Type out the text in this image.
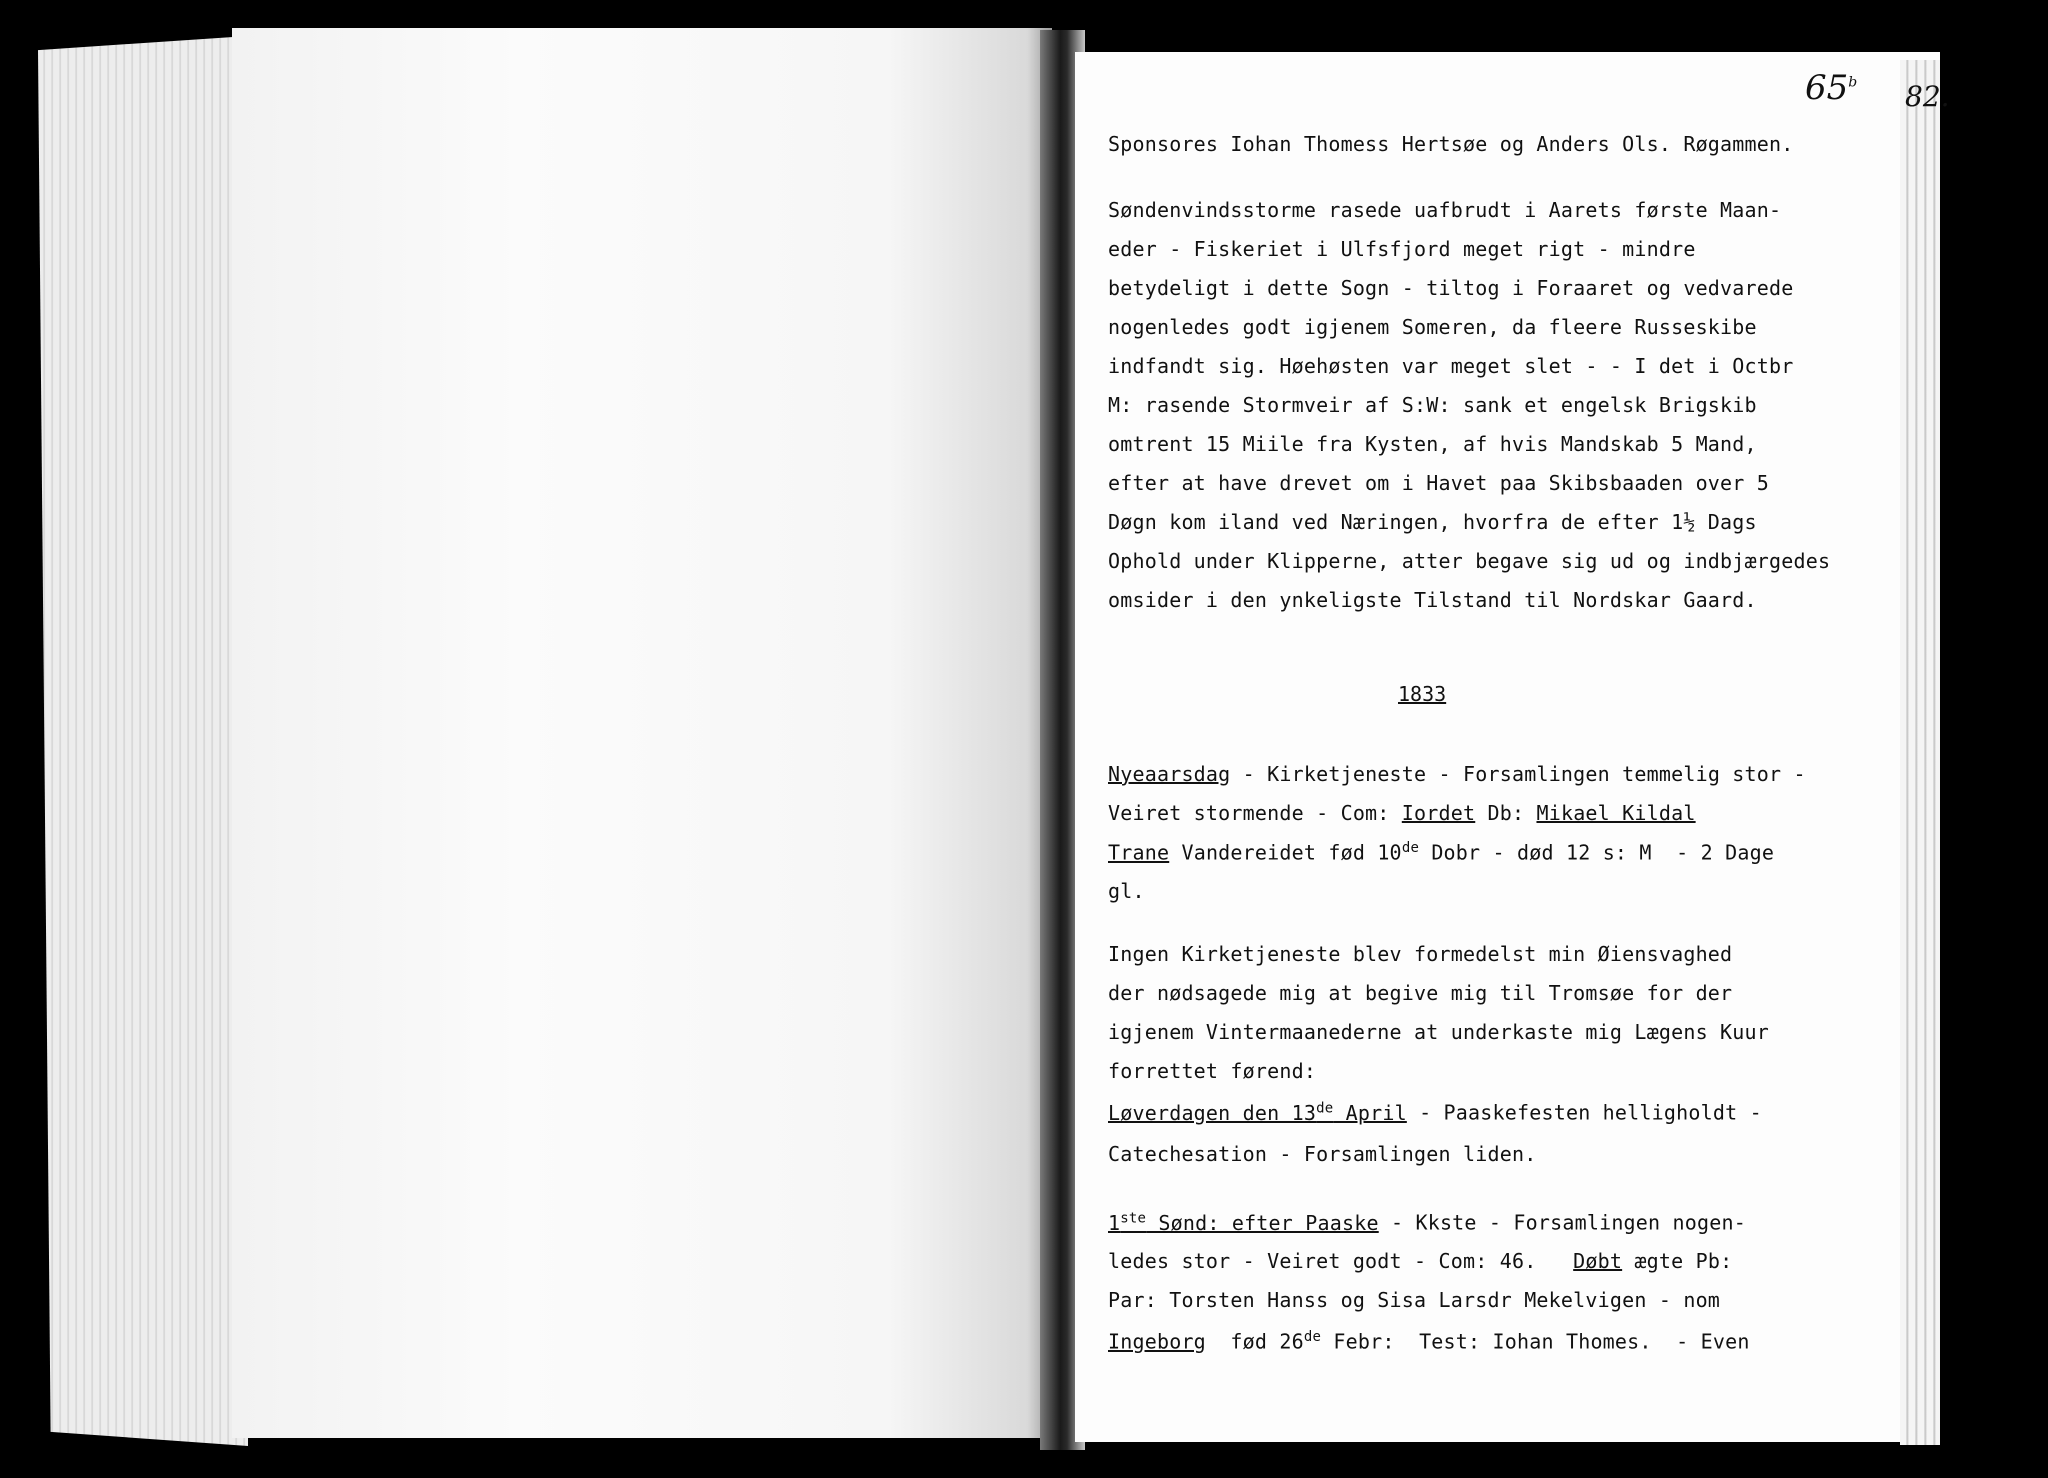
65$^b$ 82.
Sponsores Iohan Thomess Hertsøe og Anders Ols. Røgammen.
Søndenvindsstorme rasede uafbrudt i Aarets første Maan-
eder - Fiskeriet i Ulfsfjord meget rigt - mindre
betydeligt i dette Sogn - tiltog i Foraaret og vedvarede
nogenledes godt igjenem Someren, da fleere Russeskibe
indfandt sig. Høehøsten var meget slet - - I det i Octbr
M: rasende Stormveir af S:W: sank et engelsk Brigskib
omtrent 15 Miile fra Kysten, af hvis Mandskab 5 Mand,
efter at have drevet om i Havet paa Skibsbaaden over 5
Døgn kom iland ved Næringen, hvorfra de efter 1½ Dags
Ophold under Klipperne, atter begave sig ud og indbjærgedes
omsider i den ynkeligste Tilstand til Nordskar Gaard.
1833
Nyeaarsdag - Kirketjeneste - Forsamlingen temmelig stor -
Veiret stormende - Com: Iordet Db: Mikael Kildal
Trane Vandereidet fød 10de Dobr - død 12 s: M  - 2 Dage
gl.
Ingen Kirketjeneste blev formedelst min Øiensvaghed
der nødsagede mig at begive mig til Tromsøe for der
igjenem Vintermaanederne at underkaste mig Lægens Kuur
forrettet førend:
Løverdagen den 13de April - Paaskefesten helligholdt -
Catechesation - Forsamlingen liden.
1ste Sønd: efter Paaske - Kkste - Forsamlingen nogen-
ledes stor - Veiret godt - Com: 46.   Døbt ægte Pb:
Par: Torsten Hanss og Sisa Larsdr Mekelvigen - nom
Ingeborg  fød 26de Febr:  Test: Iohan Thomes.  - Even
